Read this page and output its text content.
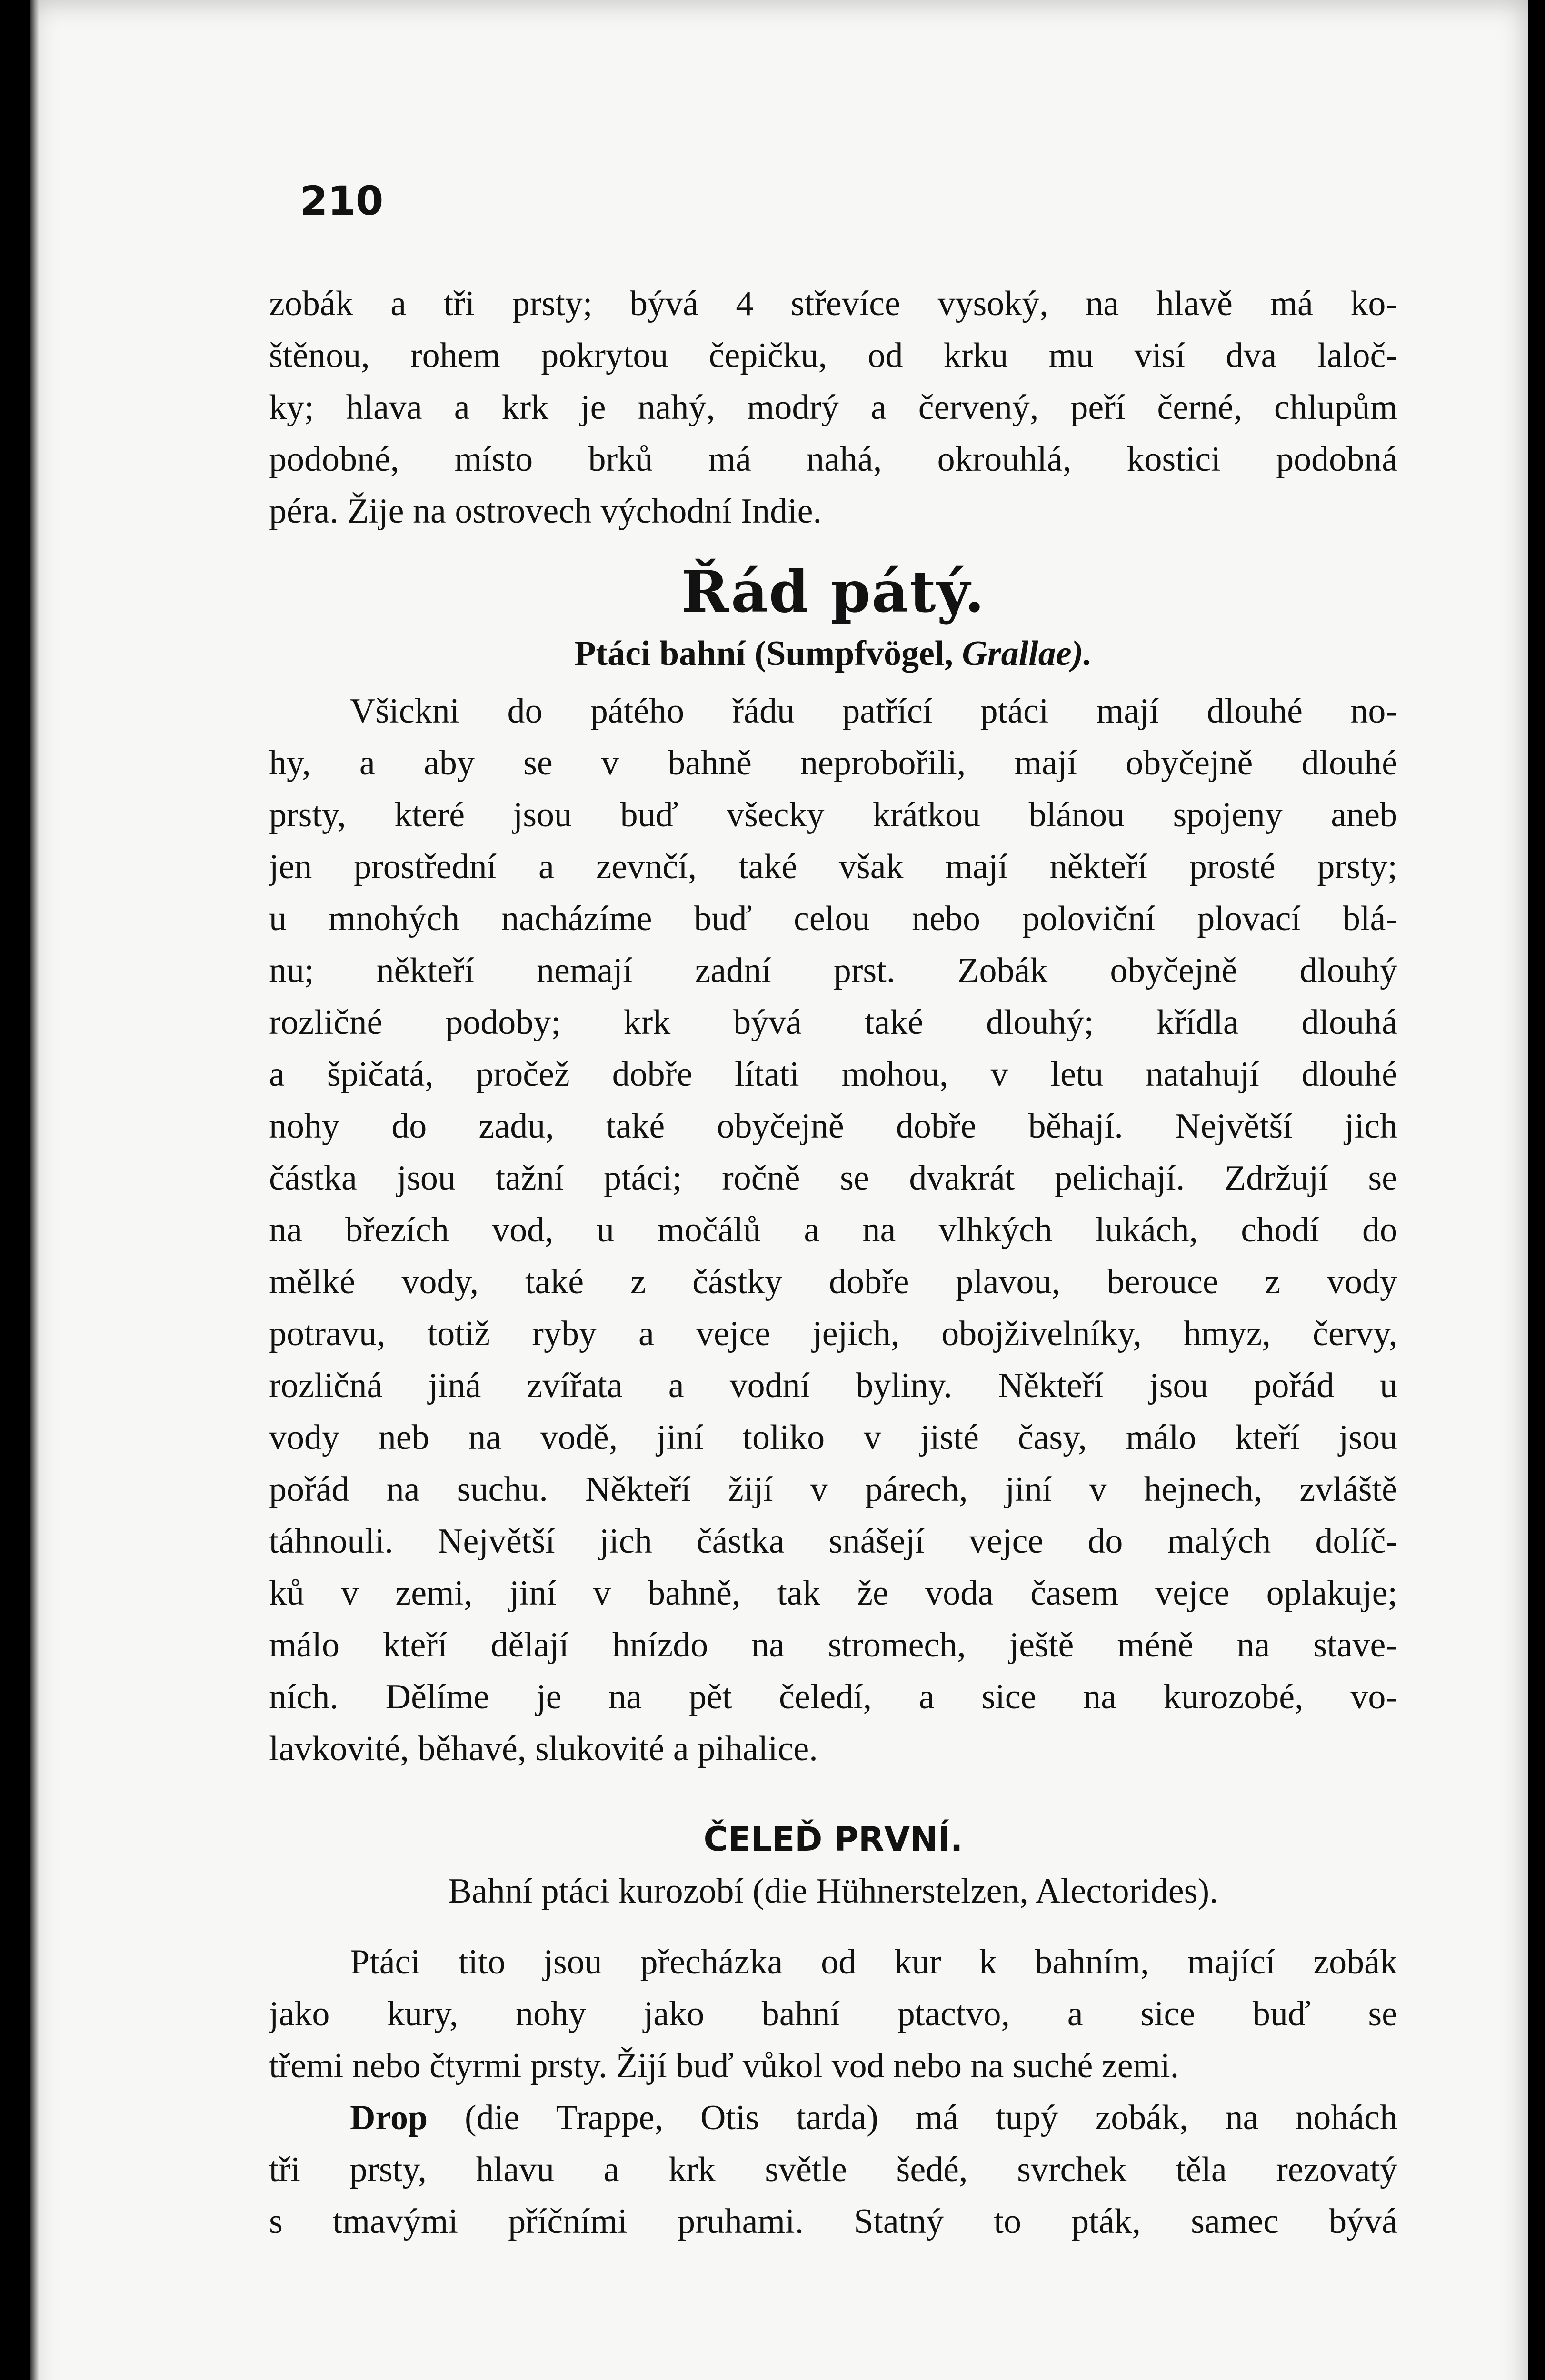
210
zobák a tři prsty; bývá 4 střevíce vysoký, na hlavě má ko-
štěnou, rohem pokrytou čepičku, od krku mu visí dva laloč-
ky; hlava a krk je nahý, modrý a červený, peří černé, chlupům
podobné, místo brků má nahá, okrouhlá, kostici podobná
péra. Žije na ostrovech východní Indie.
Řád pátý.
Ptáci bahní (Sumpfvögel, Grallae).
Všickni do pátého řádu patřící ptáci mají dlouhé no-
hy, a aby se v bahně neprobořili, mají obyčejně dlouhé
prsty, které jsou buď všecky krátkou blánou spojeny aneb
jen prostřední a zevnčí, také však mají někteří prosté prsty;
u mnohých nacházíme buď celou nebo poloviční plovací blá-
nu; někteří nemají zadní prst. Zobák obyčejně dlouhý
rozličné podoby; krk bývá také dlouhý; křídla dlouhá
a špičatá, pročež dobře lítati mohou, v letu natahují dlouhé
nohy do zadu, také obyčejně dobře běhají. Největší jich
částka jsou tažní ptáci; ročně se dvakrát pelichají. Zdržují se
na březích vod, u močálů a na vlhkých lukách, chodí do
mělké vody, také z částky dobře plavou, berouce z vody
potravu, totiž ryby a vejce jejich, obojživelníky, hmyz, červy,
rozličná jiná zvířata a vodní byliny. Někteří jsou pořád u
vody neb na vodě, jiní toliko v jisté časy, málo kteří jsou
pořád na suchu. Někteří žijí v párech, jiní v hejnech, zvláště
táhnouli. Největší jich částka snášejí vejce do malých dolíč-
ků v zemi, jiní v bahně, tak že voda časem vejce oplakuje;
málo kteří dělají hnízdo na stromech, ještě méně na stave-
ních. Dělíme je na pět čeledí, a sice na kurozobé, vo-
lavkovité, běhavé, slukovité a pihalice.
ČELEĎ PRVNÍ.
Bahní ptáci kurozobí (die Hühnerstelzen, Alectorides).
Ptáci tito jsou přecházka od kur k bahním, mající zobák
jako kury, nohy jako bahní ptactvo, a sice buď se
třemi nebo čtyrmi prsty. Žijí buď vůkol vod nebo na suché zemi.
Drop (die Trappe, Otis tarda) má tupý zobák, na nohách
tři prsty, hlavu a krk světle šedé, svrchek těla rezovatý
s tmavými příčními pruhami. Statný to pták, samec bývá
